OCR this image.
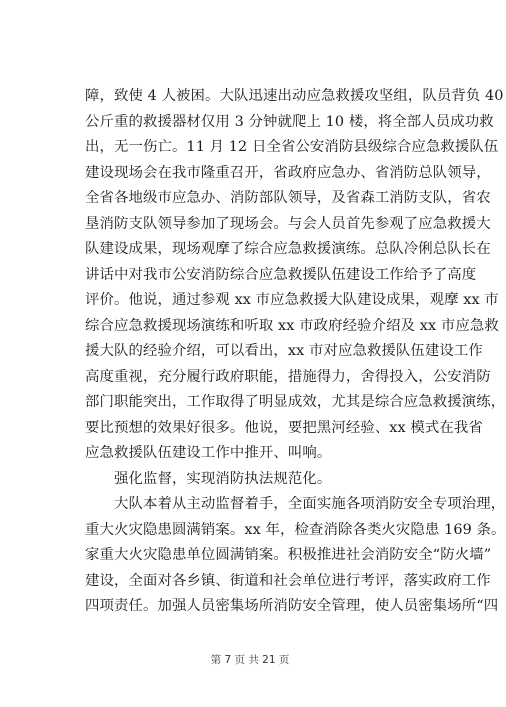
障，致使 4 人被困。大队迅速出动应急救援攻坚组，队员背负 40
公斤重的救援器材仅用 3 分钟就爬上 10 楼，将全部人员成功救
出，无一伤亡。11 月 12 日全省公安消防县级综合应急救援队伍
建设现场会在我市隆重召开，省政府应急办、省消防总队领导，
全省各地级市应急办、消防部队领导，及省森工消防支队，省农
垦消防支队领导参加了现场会。与会人员首先参观了应急救援大
队建设成果，现场观摩了综合应急救援演练。总队冷俐总队长在
讲话中对我市公安消防综合应急救援队伍建设工作给予了高度
评价。他说，通过参观 xx 市应急救援大队建设成果，观摩 xx 市
综合应急救援现场演练和听取 xx 市政府经验介绍及 xx 市应急救
援大队的经验介绍，可以看出，xx 市对应急救援队伍建设工作
高度重视，充分履行政府职能，措施得力，舍得投入，公安消防
部门职能突出，工作取得了明显成效，尤其是综合应急救援演练，
要比预想的效果好很多。他说，要把黑河经验、xx 模式在我省
应急救援队伍建设工作中推开、叫响。
　　强化监督，实现消防执法规范化。
　　大队本着从主动监督着手，全面实施各项消防安全专项治理，
重大火灾隐患圆满销案。xx 年，检查消除各类火灾隐患 169 条。
家重大火灾隐患单位圆满销案。积极推进社会消防安全“防火墙”
建设，全面对各乡镇、街道和社会单位进行考评，落实政府工作
四项责任。加强人员密集场所消防安全管理，使人员密集场所“四
第 7 页 共 21 页
